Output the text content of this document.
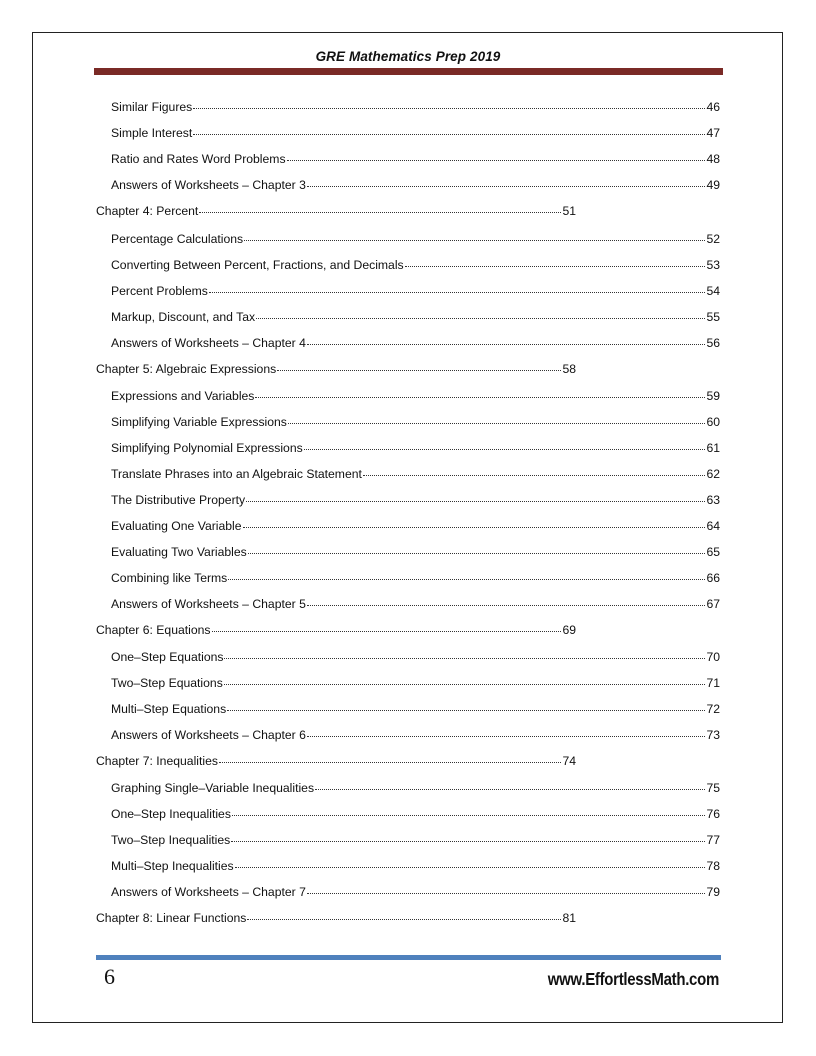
GRE Mathematics Prep 2019
Similar Figures	46
Simple Interest	47
Ratio and Rates Word Problems	48
Answers of Worksheets – Chapter 3	49
Chapter 4: Percent	51
Percentage Calculations	52
Converting Between Percent, Fractions, and Decimals	53
Percent Problems	54
Markup, Discount, and Tax	55
Answers of Worksheets – Chapter 4	56
Chapter 5: Algebraic Expressions	58
Expressions and Variables	59
Simplifying Variable Expressions	60
Simplifying Polynomial Expressions	61
Translate Phrases into an Algebraic Statement	62
The Distributive Property	63
Evaluating One Variable	64
Evaluating Two Variables	65
Combining like Terms	66
Answers of Worksheets – Chapter 5	67
Chapter 6: Equations	69
One–Step Equations	70
Two–Step Equations	71
Multi–Step Equations	72
Answers of Worksheets – Chapter 6	73
Chapter 7: Inequalities	74
Graphing Single–Variable Inequalities	75
One–Step Inequalities	76
Two–Step Inequalities	77
Multi–Step Inequalities	78
Answers of Worksheets – Chapter 7	79
Chapter 8: Linear Functions	81
6	www.EffortlessMath.com
